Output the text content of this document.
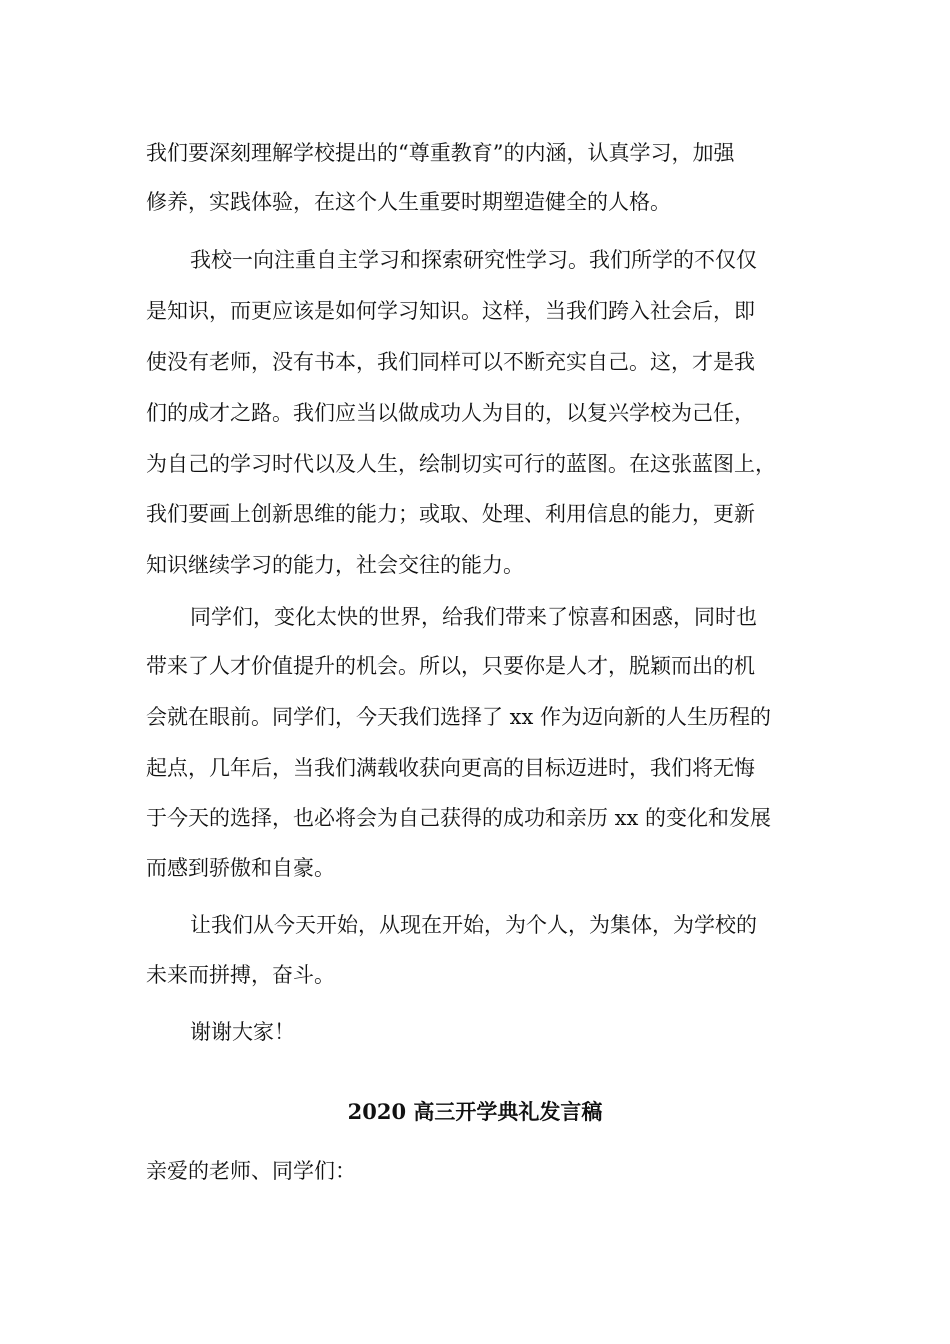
我们要深刻理解学校提出的“尊重教育”的内涵，认真学习，加强
修养，实践体验，在这个人生重要时期塑造健全的人格。
我校一向注重自主学习和探索研究性学习。我们所学的不仅仅
是知识，而更应该是如何学习知识。这样，当我们跨入社会后，即
使没有老师，没有书本，我们同样可以不断充实自己。这，才是我
们的成才之路。我们应当以做成功人为目的，以复兴学校为己任，
为自己的学习时代以及人生，绘制切实可行的蓝图。在这张蓝图上，
我们要画上创新思维的能力；或取、处理、利用信息的能力，更新
知识继续学习的能力，社会交往的能力。
同学们，变化太快的世界，给我们带来了惊喜和困惑，同时也
带来了人才价值提升的机会。所以，只要你是人才，脱颖而出的机
会就在眼前。同学们，今天我们选择了 xx 作为迈向新的人生历程的
起点，几年后，当我们满载收获向更高的目标迈进时，我们将无悔
于今天的选择，也必将会为自己获得的成功和亲历 xx 的变化和发展
而感到骄傲和自豪。
让我们从今天开始，从现在开始，为个人，为集体，为学校的
未来而拼搏，奋斗。
谢谢大家！
2020 高三开学典礼发言稿
亲爱的老师、同学们：
